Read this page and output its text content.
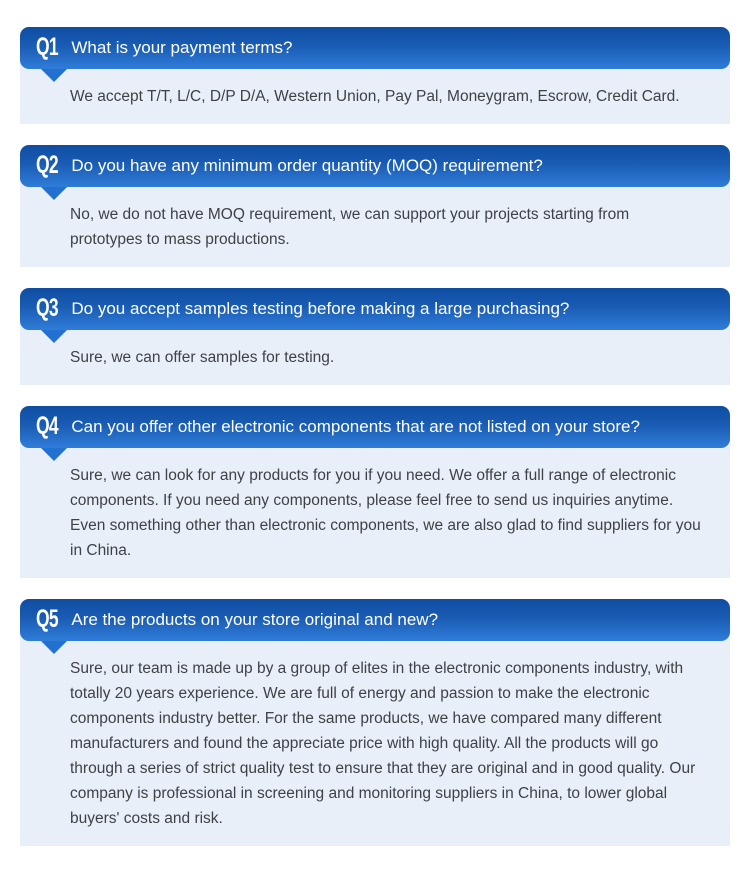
Q1 What is your payment terms?

We accept T/T, L/C, D/P D/A, Western Union, Pay Pal, Moneygram, Escrow, Credit Card.

Q2 Do you have any minimum order quantity (MOQ) requirement?

No, we do not have MOQ requirement, we can support your projects starting from prototypes to mass productions.

Q3 Do you accept samples testing before making a large purchasing?

Sure, we can offer samples for testing.

Q4 Can you offer other electronic components that are not listed on your store?

Sure, we can look for any products for you if you need. We offer a full range of electronic components. If you need any components, please feel free to send us inquiries anytime. Even something other than electronic components, we are also glad to find suppliers for you in China.

Q5 Are the products on your store original and new?

Sure, our team is made up by a group of elites in the electronic components industry, with totally 20 years experience. We are full of energy and passion to make the electronic components industry better. For the same products, we have compared many different manufacturers and found the appreciate price with high quality. All the products will go through a series of strict quality test to ensure that they are original and in good quality. Our company is professional in screening and monitoring suppliers in China, to lower global buyers' costs and risk.
